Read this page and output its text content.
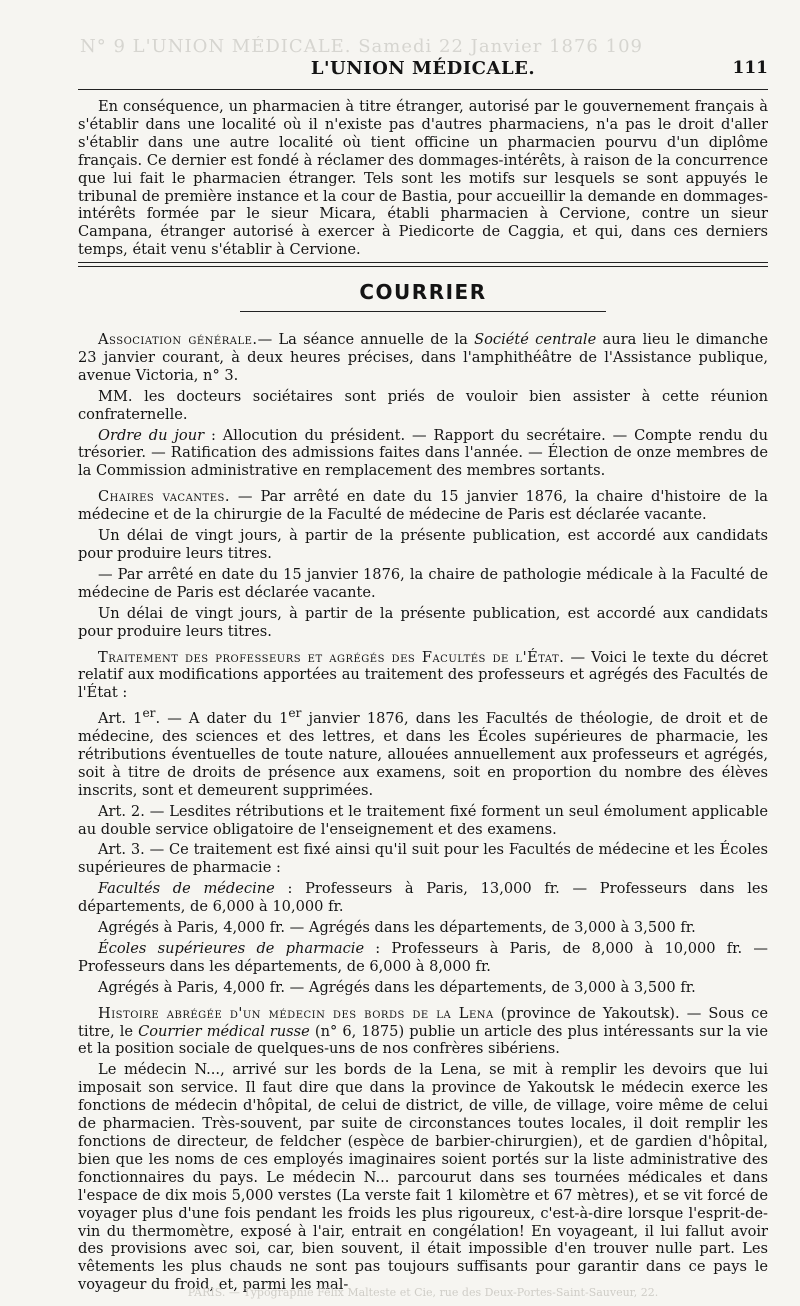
N° 9 L'UNION MÉDICALE. Samedi 22 Janvier 1876 109
L'UNION MÉDICALE.	111

En conséquence, un pharmacien à titre étranger, autorisé par le gouvernement français à s'établir dans une localité où il n'existe pas d'autres pharmaciens, n'a pas le droit d'aller s'établir dans une autre localité où tient officine un pharmacien pourvu d'un diplôme français. Ce dernier est fondé à réclamer des dommages-intérêts, à raison de la concurrence que lui fait le pharmacien étranger. Tels sont les motifs sur lesquels se sont appuyés le tribunal de première instance et la cour de Bastia, pour accueillir la demande en dommages-intérêts formée par le sieur Micara, établi pharmacien à Cervione, contre un sieur Campana, étranger autorisé à exercer à Piedicorte de Caggia, et qui, dans ces derniers temps, était venu s'établir à Cervione.

COURRIER

Association générale.— La séance annuelle de la Société centrale aura lieu le dimanche 23 janvier courant, à deux heures précises, dans l'amphithéâtre de l'Assistance publique, avenue Victoria, n° 3.

MM. les docteurs sociétaires sont priés de vouloir bien assister à cette réunion confraternelle.

Ordre du jour : Allocution du président. — Rapport du secrétaire. — Compte rendu du trésorier. — Ratification des admissions faites dans l'année. — Élection de onze membres de la Commission administrative en remplacement des membres sortants.

Chaires vacantes. — Par arrêté en date du 15 janvier 1876, la chaire d'histoire de la médecine et de la chirurgie de la Faculté de médecine de Paris est déclarée vacante.

Un délai de vingt jours, à partir de la présente publication, est accordé aux candidats pour produire leurs titres.

— Par arrêté en date du 15 janvier 1876, la chaire de pathologie médicale à la Faculté de médecine de Paris est déclarée vacante.

Un délai de vingt jours, à partir de la présente publication, est accordé aux candidats pour produire leurs titres.

Traitement des professeurs et agrégés des Facultés de l'État. — Voici le texte du décret relatif aux modifications apportées au traitement des professeurs et agrégés des Facultés de l'État :

Art. 1er. — A dater du 1er janvier 1876, dans les Facultés de théologie, de droit et de médecine, des sciences et des lettres, et dans les Écoles supérieures de pharmacie, les rétributions éventuelles de toute nature, allouées annuellement aux professeurs et agrégés, soit à titre de droits de présence aux examens, soit en proportion du nombre des élèves inscrits, sont et demeurent supprimées.

Art. 2. — Lesdites rétributions et le traitement fixé forment un seul émolument applicable au double service obligatoire de l'enseignement et des examens.

Art. 3. — Ce traitement est fixé ainsi qu'il suit pour les Facultés de médecine et les Écoles supérieures de pharmacie :

Facultés de médecine : Professeurs à Paris, 13,000 fr. — Professeurs dans les départements, de 6,000 à 10,000 fr.

Agrégés à Paris, 4,000 fr. — Agrégés dans les départements, de 3,000 à 3,500 fr.

Écoles supérieures de pharmacie : Professeurs à Paris, de 8,000 à 10,000 fr. — Professeurs dans les départements, de 6,000 à 8,000 fr.

Agrégés à Paris, 4,000 fr. — Agrégés dans les départements, de 3,000 à 3,500 fr.

Histoire abrégée d'un médecin des bords de la Lena (province de Yakoutsk). — Sous ce titre, le Courrier médical russe (n° 6, 1875) publie un article des plus intéressants sur la vie et la position sociale de quelques-uns de nos confrères sibériens.

Le médecin N..., arrivé sur les bords de la Lena, se mit à remplir les devoirs que lui imposait son service. Il faut dire que dans la province de Yakoutsk le médecin exerce les fonctions de médecin d'hôpital, de celui de district, de ville, de village, voire même de celui de pharmacien. Très-souvent, par suite de circonstances toutes locales, il doit remplir les fonctions de directeur, de feldcher (espèce de barbier-chirurgien), et de gardien d'hôpital, bien que les noms de ces employés imaginaires soient portés sur la liste administrative des fonctionnaires du pays. Le médecin N... parcourut dans ses tournées médicales et dans l'espace de dix mois 5,000 verstes (La verste fait 1 kilomètre et 67 mètres), et se vit forcé de voyager plus d'une fois pendant les froids les plus rigoureux, c'est-à-dire lorsque l'esprit-de-vin du thermomètre, exposé à l'air, entrait en congélation! En voyageant, il lui fallut avoir des provisions avec soi, car, bien souvent, il était impossible d'en trouver nulle part. Les vêtements les plus chauds ne sont pas toujours suffisants pour garantir dans ce pays le voyageur du froid, et, parmi les mal-

PARIS. — Typographie Félix Malteste et Cie, rue des Deux-Portes-Saint-Sauveur, 22.
